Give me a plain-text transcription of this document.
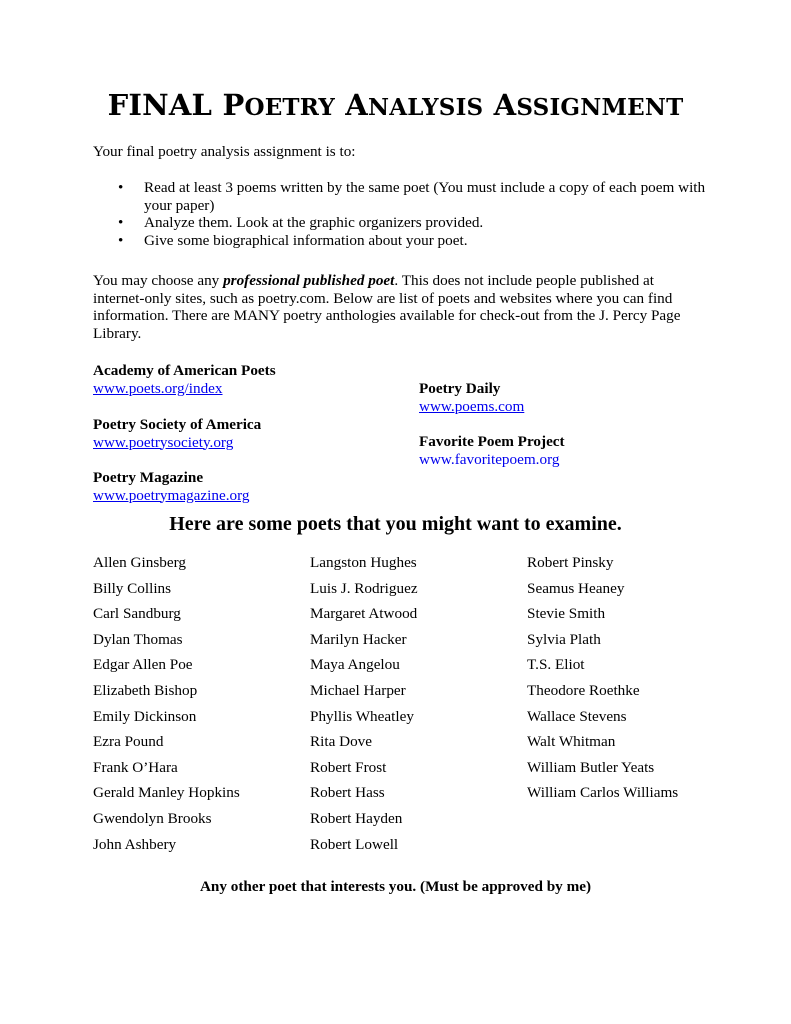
FINAL POETRY ANALYSIS ASSIGNMENT
Your final poetry analysis assignment is to:
• Read at least 3 poems written by the same poet (You must include a copy of each poem with your paper)
• Analyze them. Look at the graphic organizers provided.
• Give some biographical information about your poet.
You may choose any professional published poet. This does not include people published at internet-only sites, such as poetry.com. Below are list of poets and websites where you can find information. There are MANY poetry anthologies available for check-out from the J. Percy Page Library.
Academy of American Poets
www.poets.org/index
Poetry Society of America
www.poetrysociety.org
Poetry Magazine
www.poetrymagazine.org
Poetry Daily
www.poems.com
Favorite Poem Project
www.favoritepoem.org
Here are some poets that you might want to examine.
Allen Ginsberg
Billy Collins
Carl Sandburg
Dylan Thomas
Edgar Allen Poe
Elizabeth Bishop
Emily Dickinson
Ezra Pound
Frank O’Hara
Gerald Manley Hopkins
Gwendolyn Brooks
John Ashbery
Langston Hughes
Luis J. Rodriguez
Margaret Atwood
Marilyn Hacker
Maya Angelou
Michael Harper
Phyllis Wheatley
Rita Dove
Robert Frost
Robert Hass
Robert Hayden
Robert Lowell
Robert Pinsky
Seamus Heaney
Stevie Smith
Sylvia Plath
T.S. Eliot
Theodore Roethke
Wallace Stevens
Walt Whitman
William Butler Yeats
William Carlos Williams
Any other poet that interests you. (Must be approved by me)
